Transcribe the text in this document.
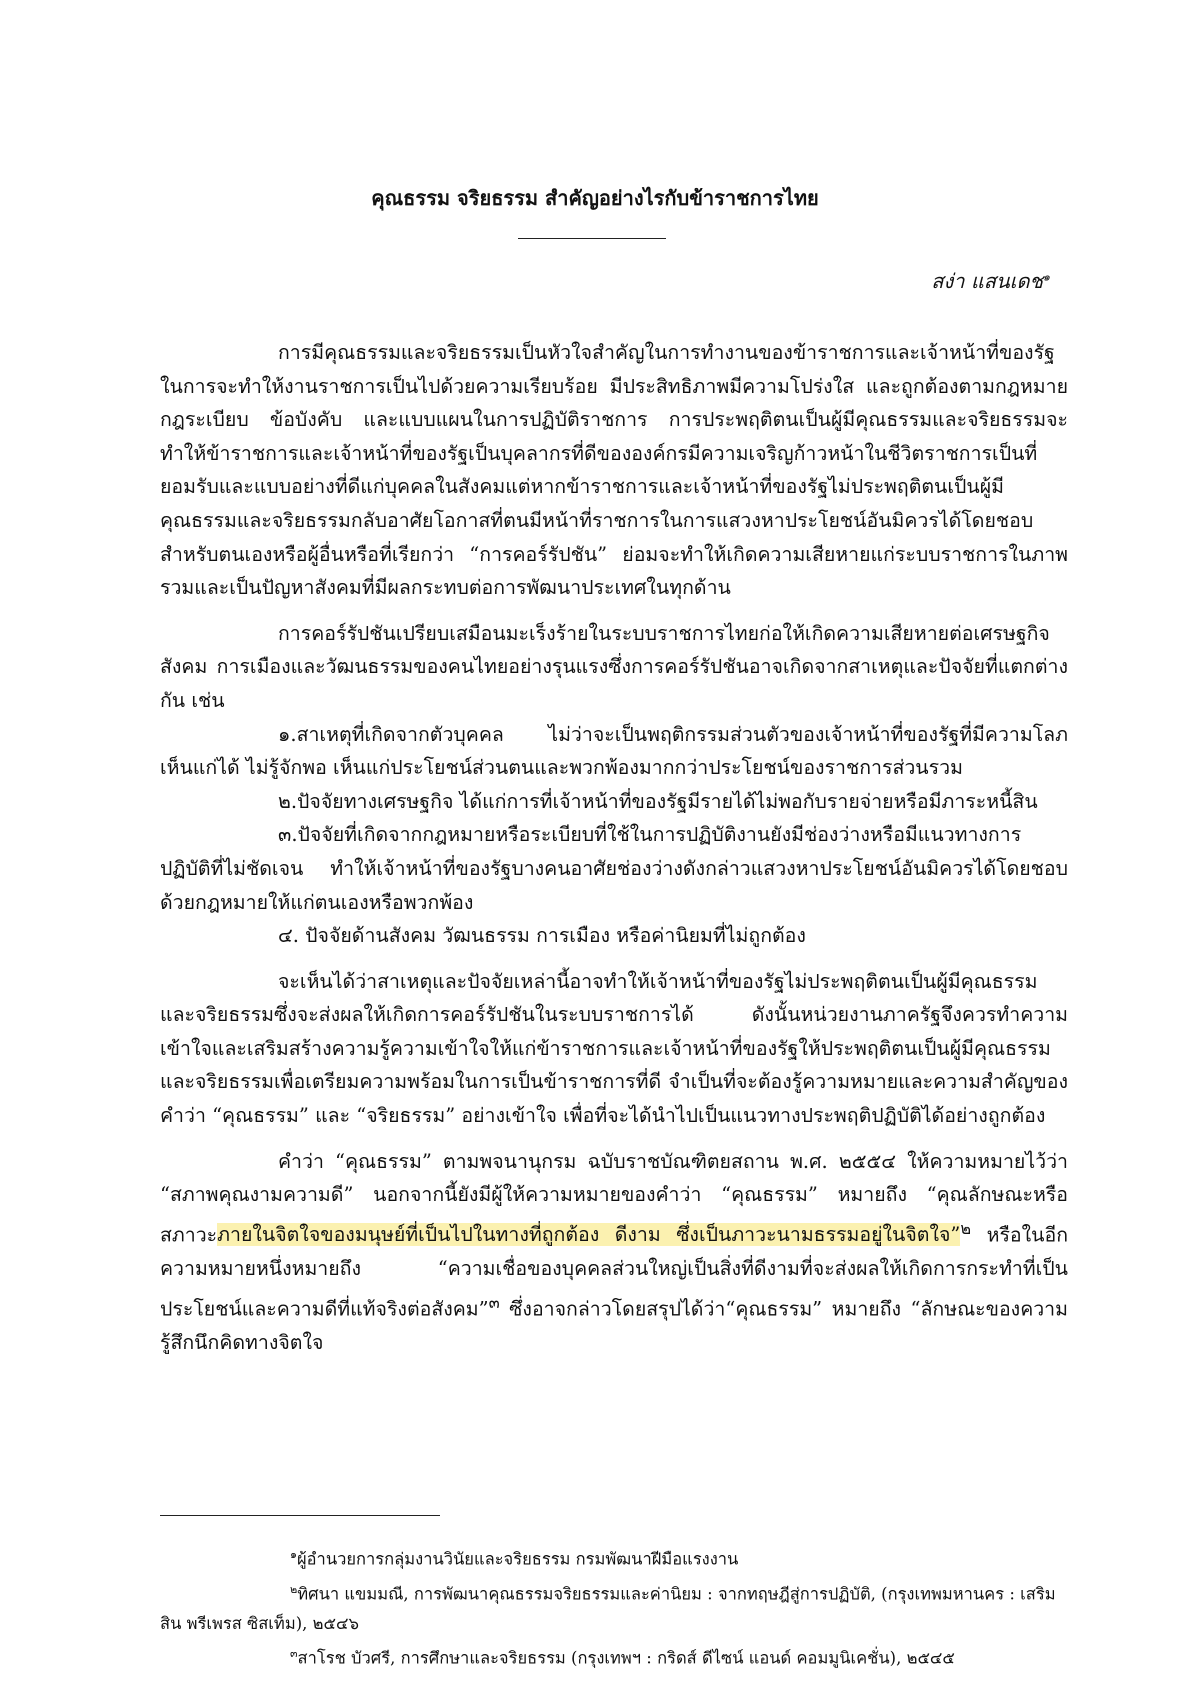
คุณธรรม จริยธรรม สำคัญอย่างไรกับข้าราชการไทย
สง่า แสนเดช$^๑$

การมีคุณธรรมและจริยธรรมเป็นหัวใจสำคัญในการทำงานของข้าราชการและเจ้าหน้าที่ของรัฐในการจะทำให้งานราชการเป็นไปด้วยความเรียบร้อย มีประสิทธิภาพมีความโปร่งใส และถูกต้องตามกฎหมาย กฎระเบียบ ข้อบังคับ และแบบแผนในการปฏิบัติราชการ การประพฤติตนเป็นผู้มีคุณธรรมและจริยธรรมจะทำให้ข้าราชการและเจ้าหน้าที่ของรัฐเป็นบุคลากรที่ดีขององค์กรมีความเจริญก้าวหน้าในชีวิตราชการเป็นที่ยอมรับและแบบอย่างที่ดีแก่บุคคลในสังคมแต่หากข้าราชการและเจ้าหน้าที่ของรัฐไม่ประพฤติตนเป็นผู้มีคุณธรรมและจริยธรรมกลับอาศัยโอกาสที่ตนมีหน้าที่ราชการในการแสวงหาประโยชน์อันมิควรได้โดยชอบสำหรับตนเองหรือผู้อื่นหรือที่เรียกว่า “การคอร์รัปชัน” ย่อมจะทำให้เกิดความเสียหายแก่ระบบราชการในภาพรวมและเป็นปัญหาสังคมที่มีผลกระทบต่อการพัฒนาประเทศในทุกด้าน

การคอร์รัปชันเปรียบเสมือนมะเร็งร้ายในระบบราชการไทยก่อให้เกิดความเสียหายต่อเศรษฐกิจ สังคม การเมืองและวัฒนธรรมของคนไทยอย่างรุนแรงซึ่งการคอร์รัปชันอาจเกิดจากสาเหตุและปัจจัยที่แตกต่างกัน เช่น

๑.สาเหตุที่เกิดจากตัวบุคคล ไม่ว่าจะเป็นพฤติกรรมส่วนตัวของเจ้าหน้าที่ของรัฐที่มีความโลภ เห็นแก่ได้ ไม่รู้จักพอ เห็นแก่ประโยชน์ส่วนตนและพวกพ้องมากกว่าประโยชน์ของราชการส่วนรวม

๒.ปัจจัยทางเศรษฐกิจ ได้แก่การที่เจ้าหน้าที่ของรัฐมีรายได้ไม่พอกับรายจ่ายหรือมีภาระหนี้สิน

๓.ปัจจัยที่เกิดจากกฎหมายหรือระเบียบที่ใช้ในการปฏิบัติงานยังมีช่องว่างหรือมีแนวทางการปฏิบัติที่ไม่ชัดเจน ทำให้เจ้าหน้าที่ของรัฐบางคนอาศัยช่องว่างดังกล่าวแสวงหาประโยชน์อันมิควรได้โดยชอบด้วยกฎหมายให้แก่ตนเองหรือพวกพ้อง

๔. ปัจจัยด้านสังคม วัฒนธรรม การเมือง หรือค่านิยมที่ไม่ถูกต้อง

จะเห็นได้ว่าสาเหตุและปัจจัยเหล่านี้อาจทำให้เจ้าหน้าที่ของรัฐไม่ประพฤติตนเป็นผู้มีคุณธรรมและจริยธรรมซึ่งจะส่งผลให้เกิดการคอร์รัปชันในระบบราชการได้ ดังนั้นหน่วยงานภาครัฐจึงควรทำความเข้าใจและเสริมสร้างความรู้ความเข้าใจให้แก่ข้าราชการและเจ้าหน้าที่ของรัฐให้ประพฤติตนเป็นผู้มีคุณธรรมและจริยธรรมเพื่อเตรียมความพร้อมในการเป็นข้าราชการที่ดี จำเป็นที่จะต้องรู้ความหมายและความสำคัญของคำว่า “คุณธรรม” และ “จริยธรรม” อย่างเข้าใจ เพื่อที่จะได้นำไปเป็นแนวทางประพฤติปฏิบัติได้อย่างถูกต้อง

คำว่า “คุณธรรม” ตามพจนานุกรม ฉบับราชบัณฑิตยสถาน พ.ศ. ๒๕๕๔ ให้ความหมายไว้ว่า “สภาพคุณงามความดี” นอกจากนี้ยังมีผู้ให้ความหมายของคำว่า “คุณธรรม” หมายถึง “คุณลักษณะหรือสภาวะภายในจิตใจของมนุษย์ที่เป็นไปในทางที่ถูกต้อง ดีงาม ซึ่งเป็นภาวะนามธรรมอยู่ในจิตใจ”$^๒$ หรือในอีกความหมายหนึ่งหมายถึง “ความเชื่อของบุคคลส่วนใหญ่เป็นสิ่งที่ดีงามที่จะส่งผลให้เกิดการกระทำที่เป็นประโยชน์และความดีที่แท้จริงต่อสังคม”$^๓$ ซึ่งอาจกล่าวโดยสรุปได้ว่า“คุณธรรม” หมายถึง “ลักษณะของความรู้สึกนึกคิดทางจิตใจ

$^๑$ผู้อำนวยการกลุ่มงานวินัยและจริยธรรม กรมพัฒนาฝีมือแรงงาน

$^๒$ทิศนา แขมมณี, การพัฒนาคุณธรรมจริยธรรมและค่านิยม : จากทฤษฎีสู่การปฏิบัติ, (กรุงเทพมหานคร : เสริมสิน พรีเพรส ซิสเท็ม), ๒๕๔๖

$^๓$สาโรช บัวศรี, การศึกษาและจริยธรรม (กรุงเทพฯ : กริดส์ ดีไซน์ แอนด์ คอมมูนิเคชั่น), ๒๕๔๕
